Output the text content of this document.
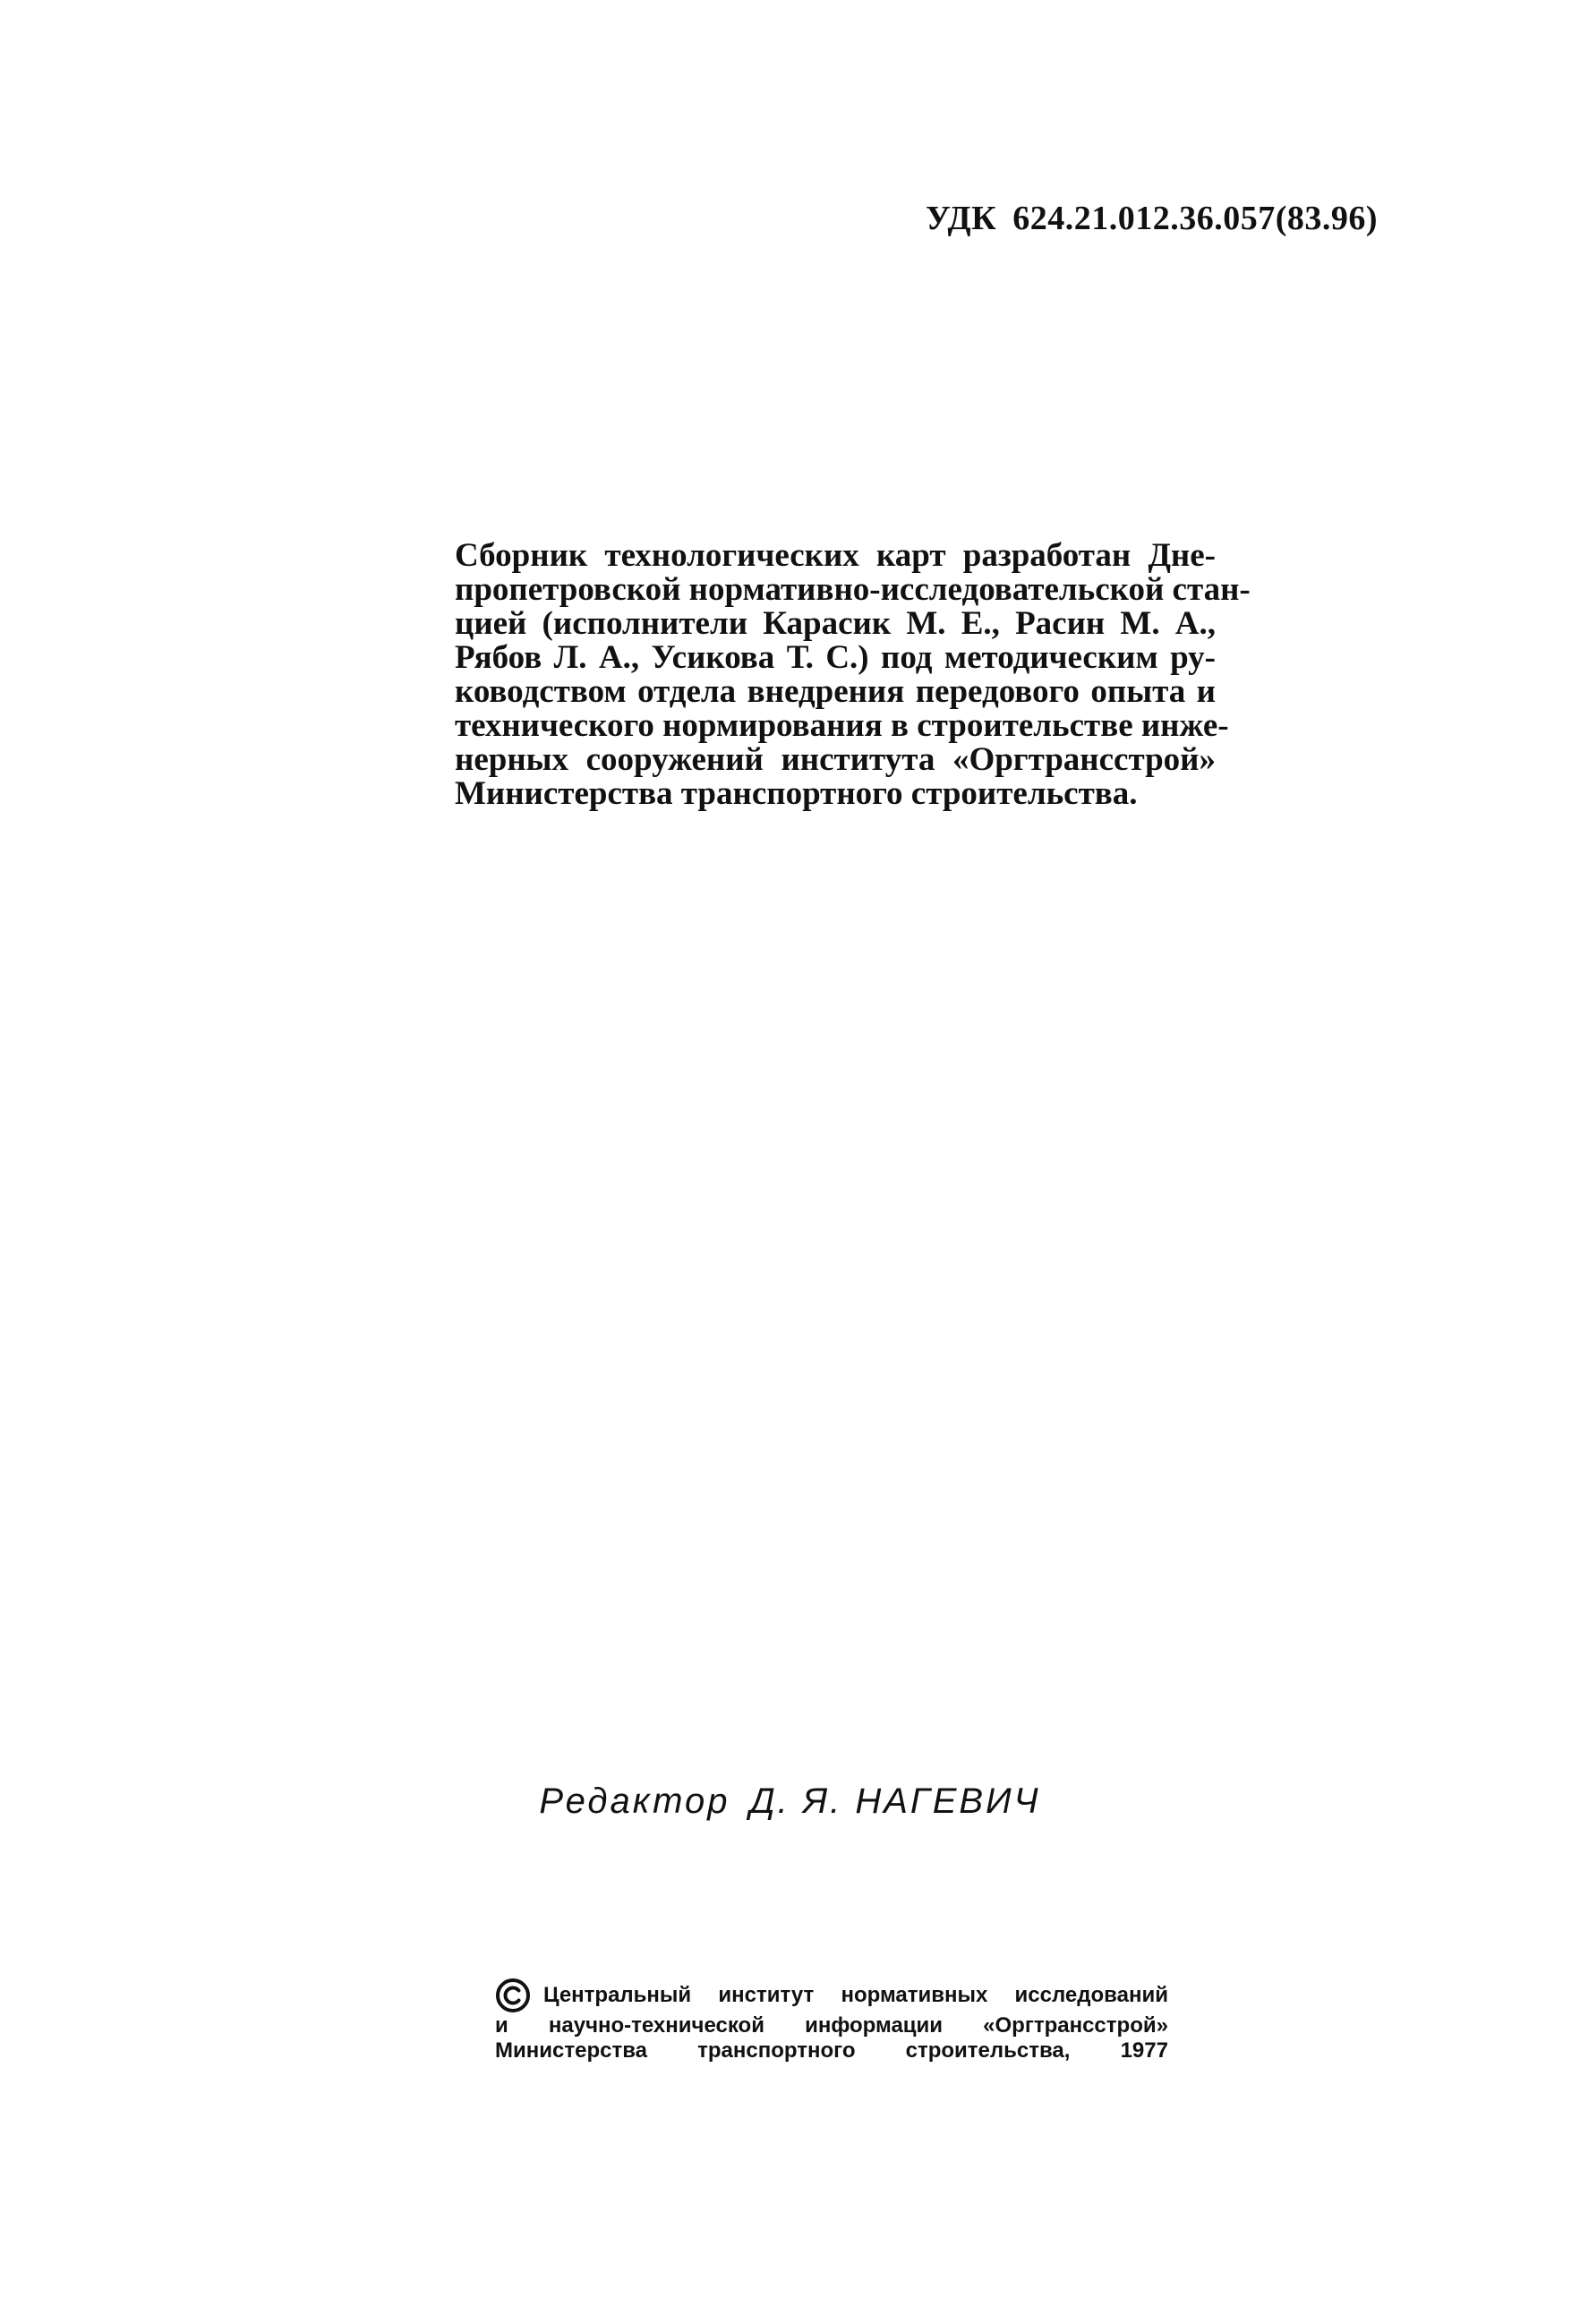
УДК 624.21.012.36.057(83.96)

Сборник технологических карт разработан Дне-
пропетровской нормативно-исследовательской стан-
цией (исполнители Карасик М. Е., Расин М. А.,
Рябов Л. А., Усикова Т. С.) под методическим ру-
ководством отдела внедрения передового опыта и
технического нормирования в строительстве инже-
нерных сооружений института «Оргтрансстрой»
Министерства транспортного строительства.

Редактор Д. Я. НАГЕВИЧ
Центральный институт нормативных исследований
и научно-технической информации «Оргтрансстрой»
Министерства транспортного строительства, 1977
